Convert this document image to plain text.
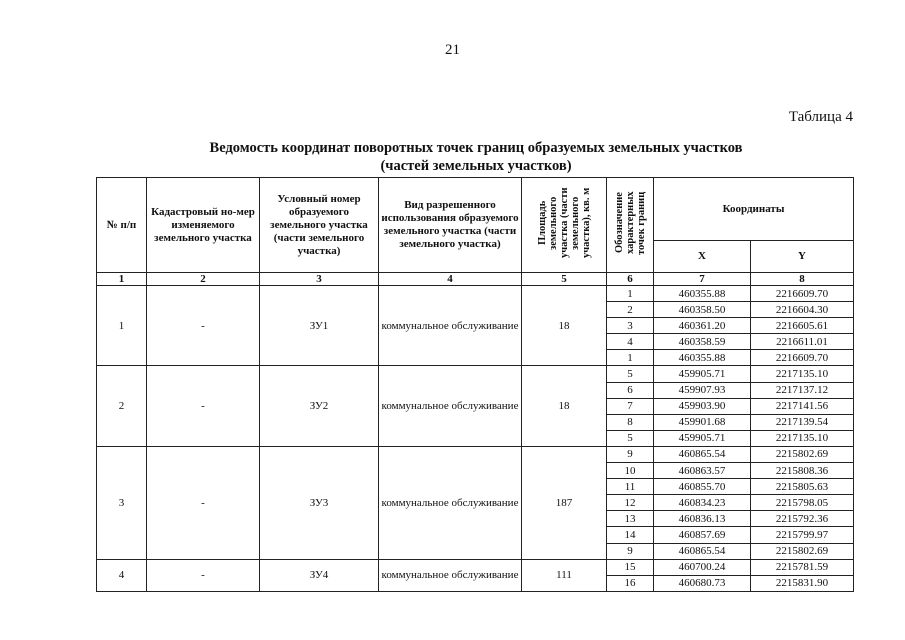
21
Таблица 4
Ведомость координат поворотных точек границ образуемых земельных участков
(частей земельных участков)
№ п/п	Кадастровый но-мер изменяемого земельного участка	Условный номер образуемого земельного участка (части земельного участка)	Вид разрешенного использования образуемого земельного участка (части земельного участка)	Площадь земельного участка (части земельного участка), кв. м	Обозначение характерных точек границ	Координаты	
						X	Y
1	2	3	4	5	6	7	8
1	-	ЗУ1	коммунальное обслуживание	18	1	460355.88	2216609.70
					2	460358.50	2216604.30
					3	460361.20	2216605.61
					4	460358.59	2216611.01
					1	460355.88	2216609.70
2	-	ЗУ2	коммунальное обслуживание	18	5	459905.71	2217135.10
					6	459907.93	2217137.12
					7	459903.90	2217141.56
					8	459901.68	2217139.54
					5	459905.71	2217135.10
3	-	ЗУ3	коммунальное обслуживание	187	9	460865.54	2215802.69
					10	460863.57	2215808.36
					11	460855.70	2215805.63
					12	460834.23	2215798.05
					13	460836.13	2215792.36
					14	460857.69	2215799.97
					9	460865.54	2215802.69
4	-	ЗУ4	коммунальное обслуживание	111	15	460700.24	2215781.59
					16	460680.73	2215831.90
